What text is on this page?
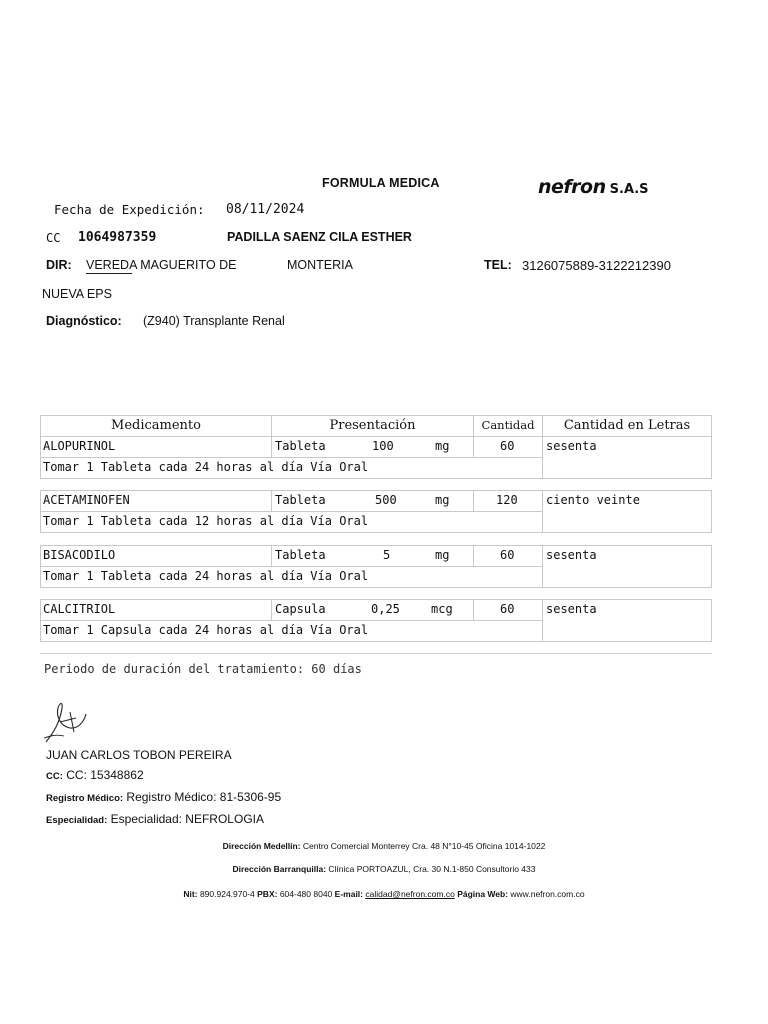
FORMULA MEDICA	nefron S.A.S
Fecha de Expedición: 08/11/2024
CC 1064987359	PADILLA SAENZ CILA ESTHER
DIR: VEREDA MAGUERITO DE	MONTERIA	TEL: 3126075889-3122212390
NUEVA EPS
Diagnóstico: (Z940) Transplante Renal
Medicamento	Presentación	Cantidad	Cantidad en Letras
ALOPURINOL	Tableta	100	mg	60	sesenta
Tomar 1 Tableta cada 24 horas al día Vía Oral
ACETAMINOFEN	Tableta	500	mg	120 ciento veinte
Tomar 1 Tableta cada 12 horas al día Vía Oral
BISACODILO	Tableta	5	mg	60	sesenta
Tomar 1 Tableta cada 24 horas al día Vía Oral
CALCITRIOL	Capsula	0,25	mcg	60	sesenta
Tomar 1 Capsula cada 24 horas al día Vía Oral
Periodo de duración del tratamiento: 60 días
JUAN CARLOS TOBON PEREIRA
CC: CC: 15348862
Registro Médico: Registro Médico: 81-5306-95
Especialidad: Especialidad: NEFROLOGIA
Dirección Medellín: Centro Comercial Monterrey Cra. 48 N°10-45 Oficina 1014-1022
Dirección Barranquilla: Clínica PORTOAZUL, Cra. 30 N.1-850 Consultorio 433
Nit: 890.924.970-4 PBX: 604-480 8040 E-mail: calidad@nefron.com.co Página Web: www.nefron.com.co
